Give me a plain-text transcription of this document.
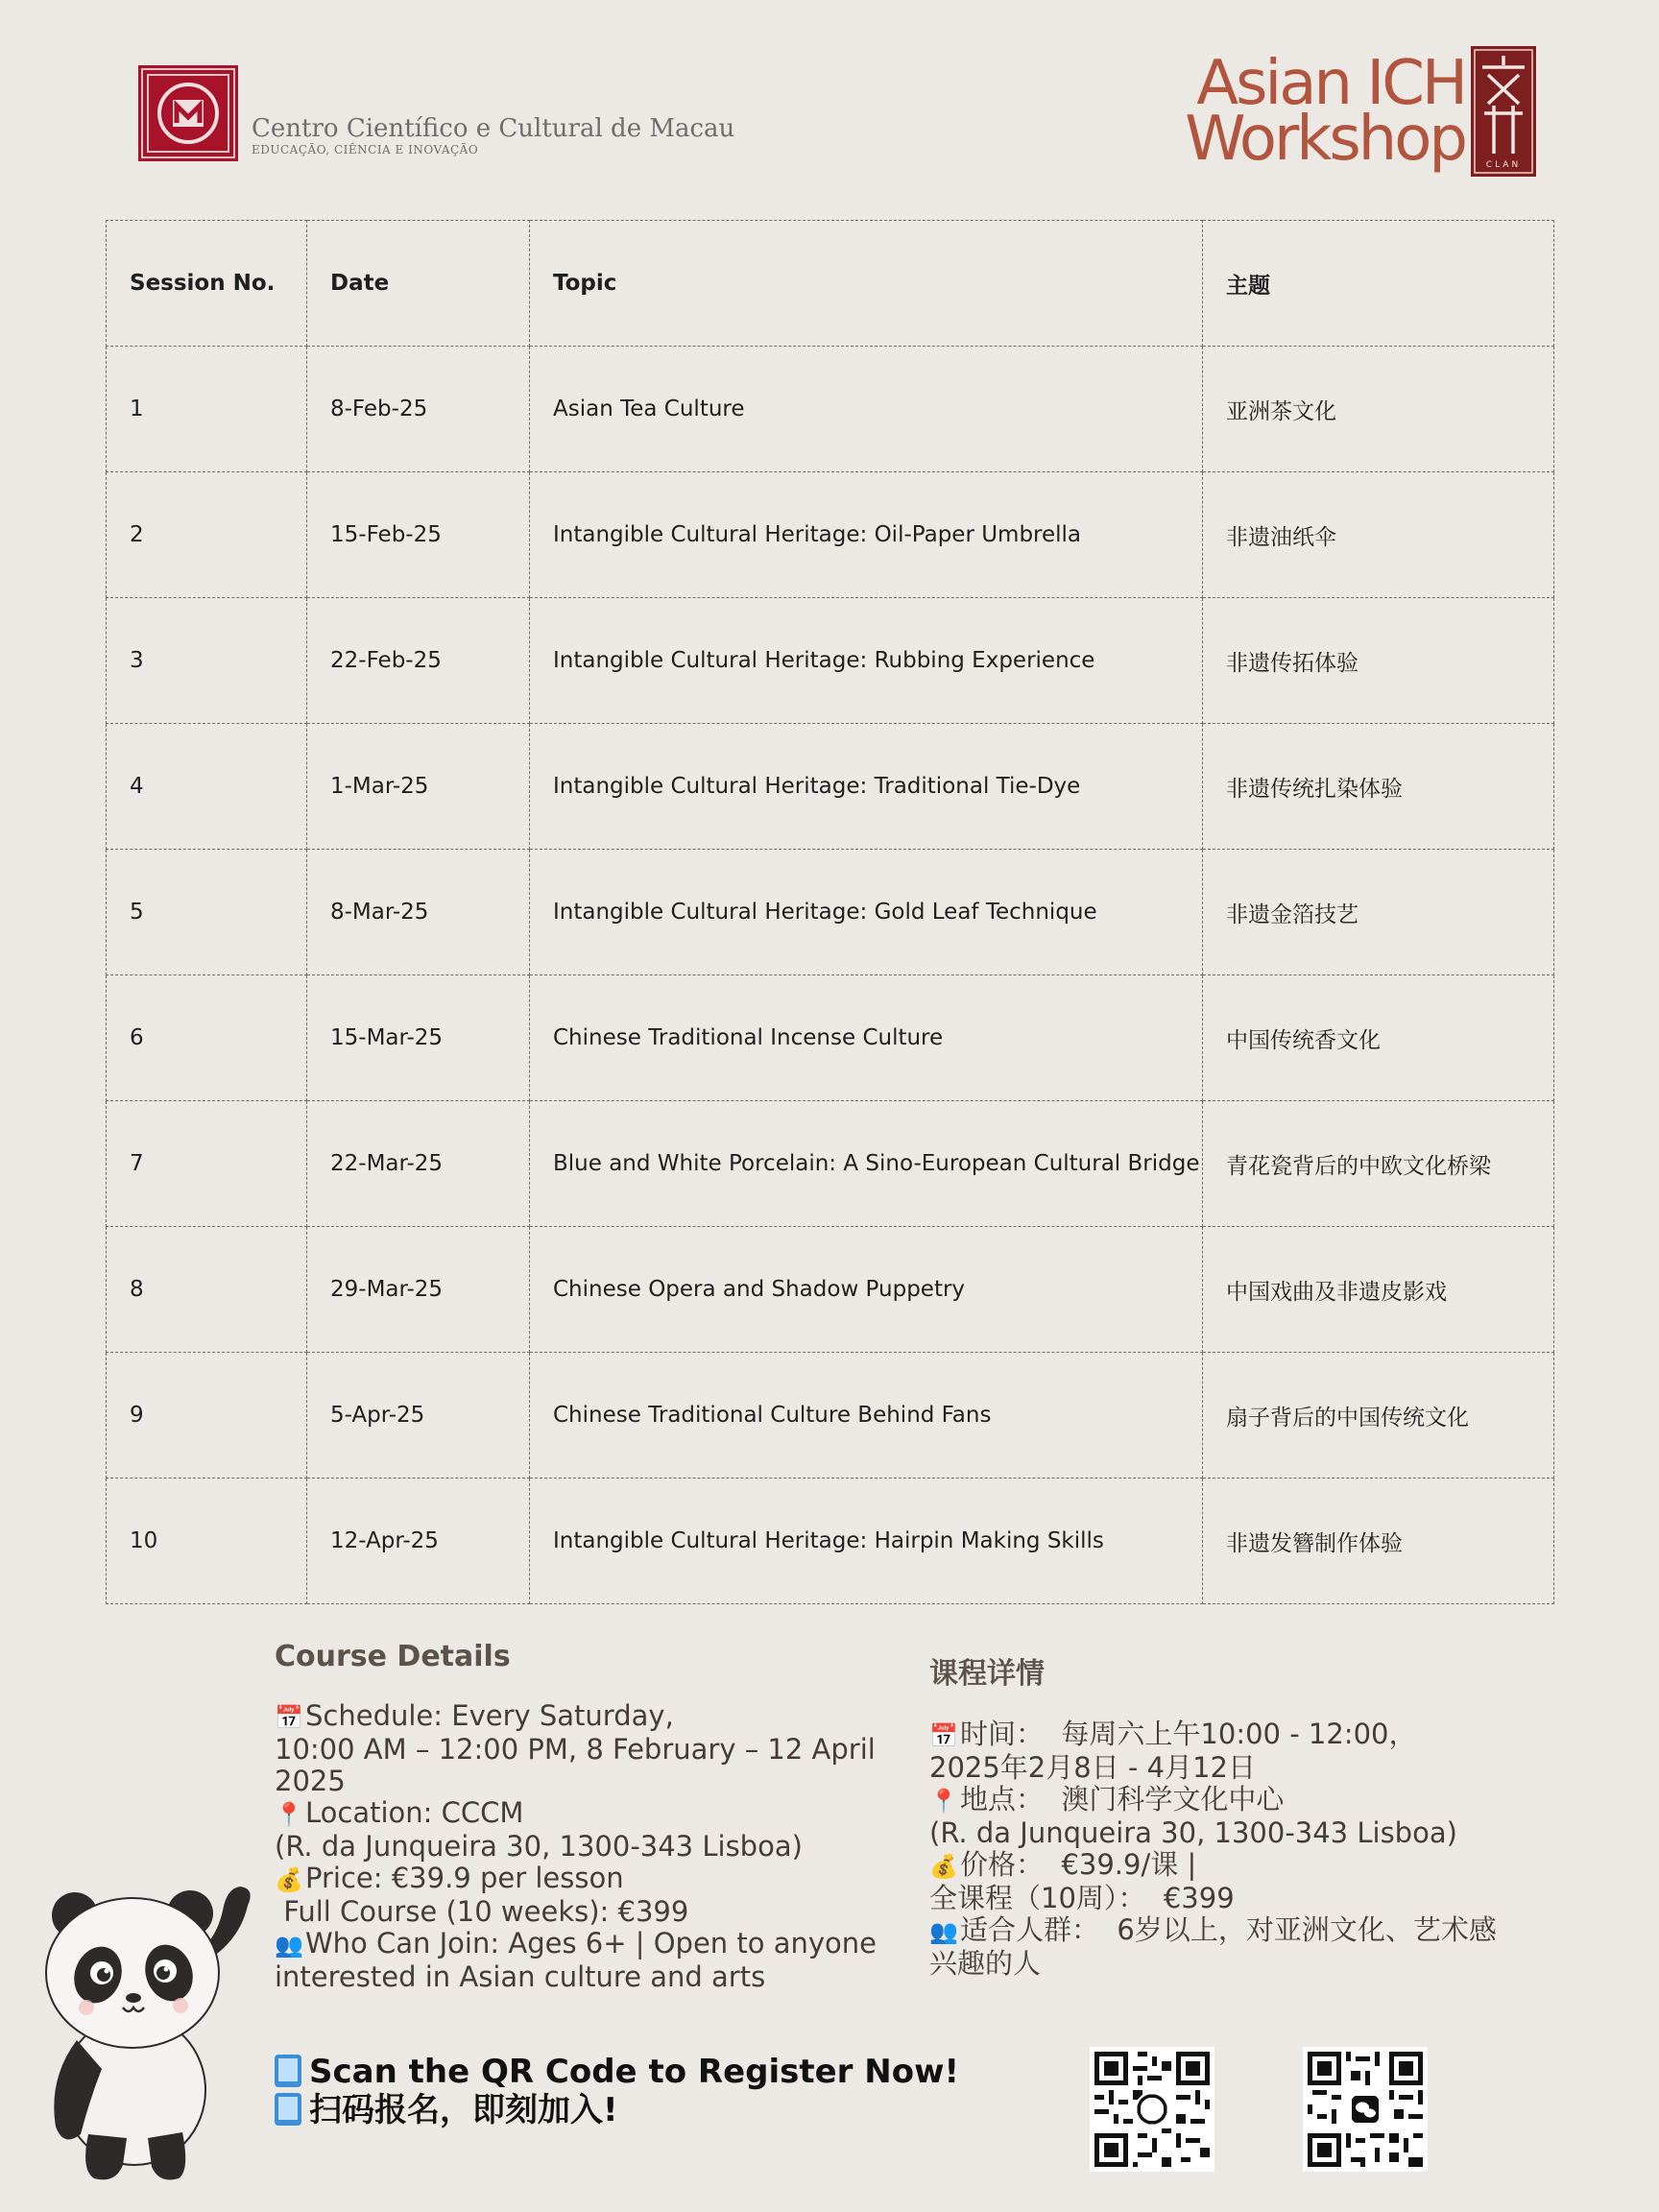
Centro Científico e Cultural de Macau
EDUCAÇÃO, CIÊNCIA E INOVAÇÃO
Asian ICH
Workshop CLAN
Session No.	Date	Topic	主题
1	8-Feb-25	Asian Tea Culture	亚洲茶文化
2	15-Feb-25	Intangible Cultural Heritage: Oil-Paper Umbrella	非遗油纸伞
3	22-Feb-25	Intangible Cultural Heritage: Rubbing Experience	非遗传拓体验
4	1-Mar-25	Intangible Cultural Heritage: Traditional Tie-Dye	非遗传统扎染体验
5	8-Mar-25	Intangible Cultural Heritage: Gold Leaf Technique	非遗金箔技艺
6	15-Mar-25	Chinese Traditional Incense Culture	中国传统香文化
7	22-Mar-25	Blue and White Porcelain: A Sino-European Cultural Bridge	青花瓷背后的中欧文化桥梁
8	29-Mar-25	Chinese Opera and Shadow Puppetry	中国戏曲及非遗皮影戏
9	5-Apr-25	Chinese Traditional Culture Behind Fans	扇子背后的中国传统文化
10	12-Apr-25	Intangible Cultural Heritage: Hairpin Making Skills	非遗发簪制作体验
Course Details
📅Schedule: Every Saturday,
10:00 AM – 12:00 PM, 8 February – 12 April
2025
📍Location: CCCM
(R. da Junqueira 30, 1300-343 Lisboa)
💰Price: €39.9 per lesson
Full Course (10 weeks): €399
👥Who Can Join: Ages 6+ | Open to anyone
interested in Asian culture and arts
课程详情
📅时间：  每周六上午10:00 - 12:00，
2025年2月8日 - 4月12日
📍地点：  澳门科学文化中心
(R. da Junqueira 30, 1300-343 Lisboa)
💰价格：  €39.9/课 |
全课程（10周）：  €399
👥适合人群：  6岁以上，对亚洲文化、艺术感
兴趣的人
Scan the QR Code to Register Now!
扫码报名，即刻加入!
